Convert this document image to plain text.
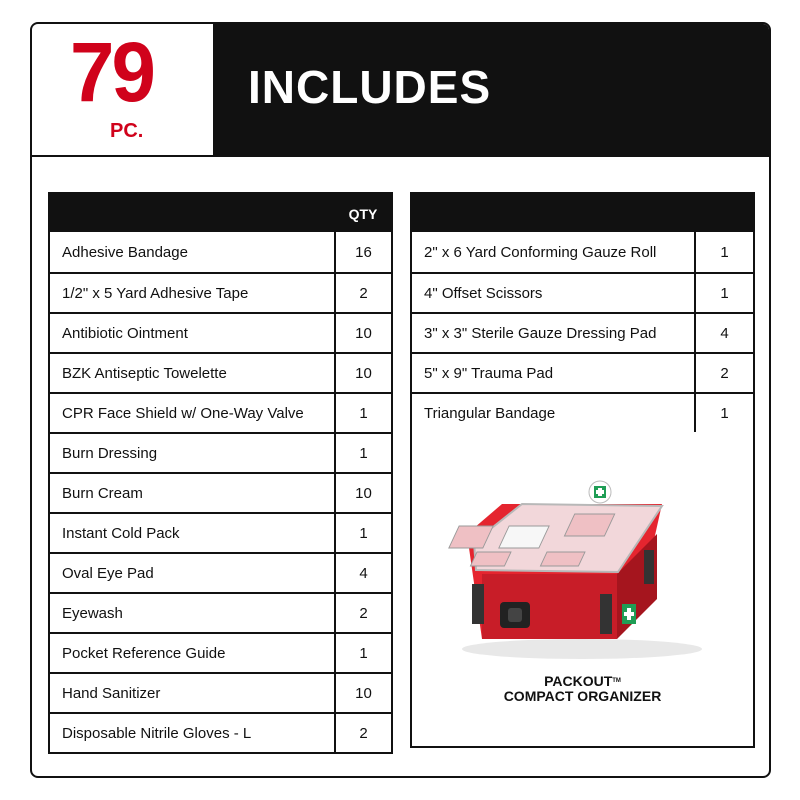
79
PC.
INCLUDES
QTY
Adhesive Bandage	16
1/2" x 5 Yard Adhesive Tape	2
Antibiotic Ointment	10
BZK Antiseptic Towelette	10
CPR Face Shield w/ One-Way Valve	1
Burn Dressing	1
Burn Cream	10
Instant Cold Pack	1
Oval Eye Pad	4
Eyewash	2
Pocket Reference Guide	1
Hand Sanitizer	10
Disposable Nitrile Gloves - L	2
2" x 6 Yard Conforming Gauze Roll	1
4" Offset Scissors	1
3" x 3" Sterile Gauze Dressing Pad	4
5" x 9" Trauma Pad	2
Triangular Bandage	1
PACKOUT™
COMPACT ORGANIZER
